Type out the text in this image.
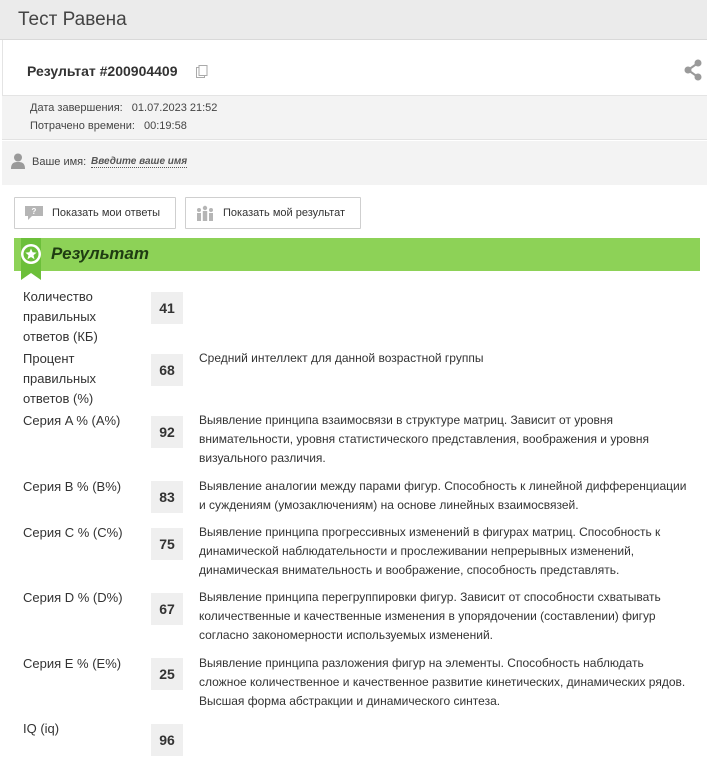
Тест Равена
Результат #200904409
Дата завершения: 01.07.2023 21:52
Потрачено времени: 00:19:58
Ваше имя: Введите ваше имя
? Показать мои ответы	Показать мой результат
Результат
Количество правильных ответов (КБ)
41
Процент правильных ответов (%)
68
Средний интеллект для данной возрастной группы
Серия A % (A%)
92
Выявление принципа взаимосвязи в структуре матриц. Зависит от уровня внимательности, уровня статистического представления, воображения и уровня визуального различия.
Серия B % (B%)
83
Выявление аналогии между парами фигур. Способность к линейной дифференциации и суждениям (умозаключениям) на основе линейных взаимосвязей.
Серия C % (C%)
75
Выявление принципа прогрессивных изменений в фигурах матриц. Способность к динамической наблюдательности и прослеживании непрерывных изменений, динамическая внимательность и воображение, способность представлять.
Серия D % (D%)
67
Выявление принципа перегруппировки фигур. Зависит от способности схватывать количественные и качественные изменения в упорядочении (составлении) фигур согласно закономерности используемых изменений.
Серия E % (E%)
25
Выявление принципа разложения фигур на элементы. Способность наблюдать сложное количественное и качественное развитие кинетических, динамических рядов. Высшая форма абстракции и динамического синтеза.
IQ (iq)
96
